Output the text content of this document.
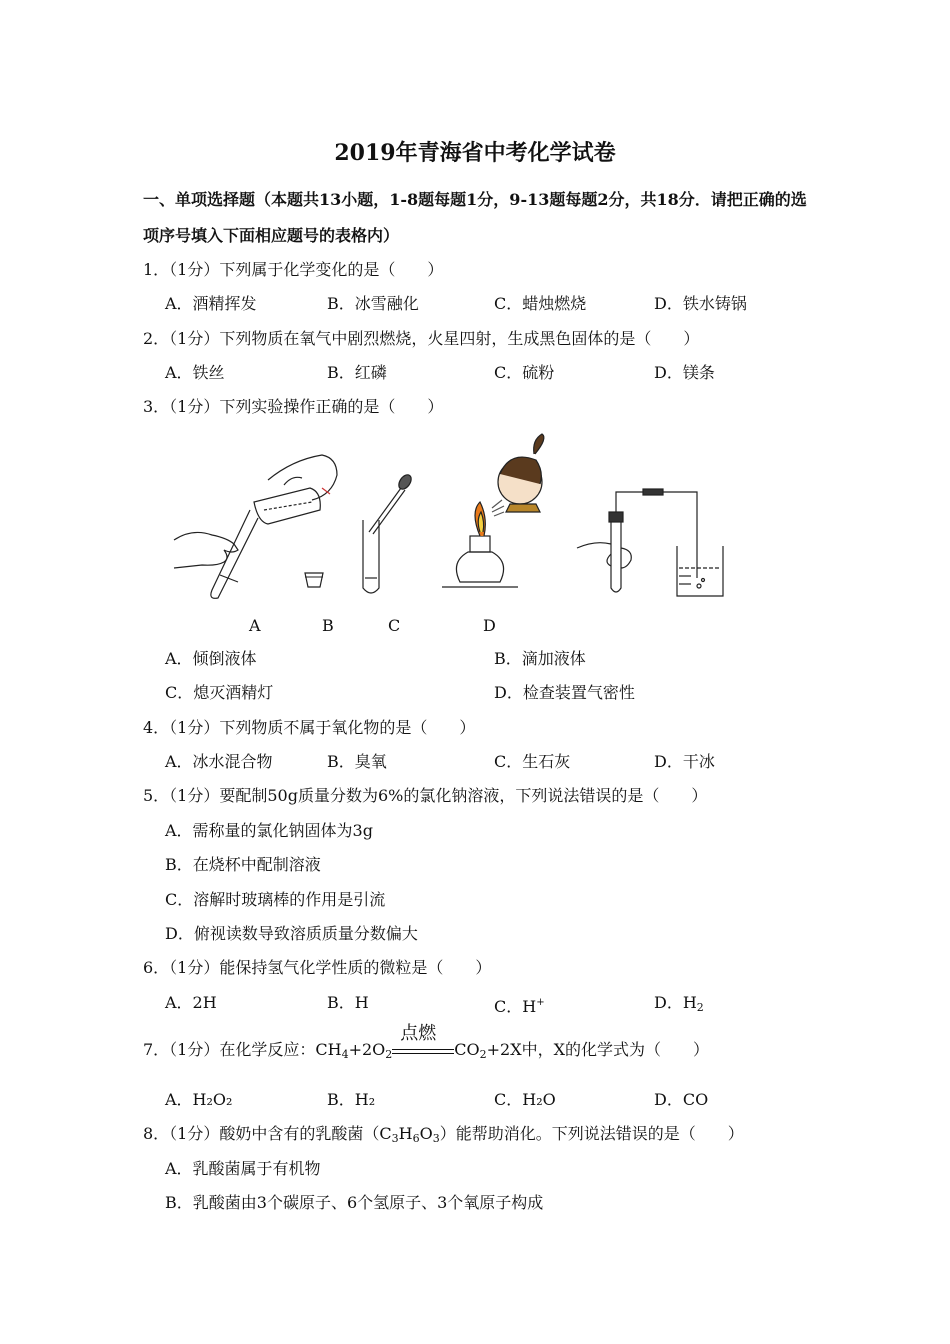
2019年青海省中考化学试卷
一、单项选择题（本题共13小题，1-8题每题1分，9-13题每题2分，共18分．请把正确的选
项序号填入下面相应题号的表格内）
1．（1分）下列属于化学变化的是（　　）
A．酒精挥发	B．冰雪融化	C．蜡烛燃烧	D．铁水铸锅
2．（1分）下列物质在氧气中剧烈燃烧，火星四射，生成黑色固体的是（　　）
A．铁丝	B．红磷	C．硫粉	D．镁条
3．（1分）下列实验操作正确的是（　　）
A	B	C	D
A．倾倒液体	B．滴加液体
C．熄灭酒精灯	D．检查装置气密性
4．（1分）下列物质不属于氧化物的是（　　）
A．冰水混合物	B．臭氧	C．生石灰	D．干冰
5．（1分）要配制50g质量分数为6%的氯化钠溶液，下列说法错误的是（　　）
A．需称量的氯化钠固体为3g
B．在烧杯中配制溶液
C．溶解时玻璃棒的作用是引流
D．俯视读数导致溶质质量分数偏大
6．（1分）能保持氢气化学性质的微粒是（　　）
A．2H	B．H	C．H+	D．$H_2$
7．（1分）在化学反应：$CH_4+2O_2$
点燃
$CO_2+2X$中，X的化学式为（　　）
A．H₂O₂	B．H₂	C．H₂O	D．CO
8．（1分）酸奶中含有的乳酸菌$(C_3H_6O_3)$能帮助消化。下列说法错误的是（　　）
A．乳酸菌属于有机物
B．乳酸菌由3个碳原子、6个氢原子、3个氧原子构成
